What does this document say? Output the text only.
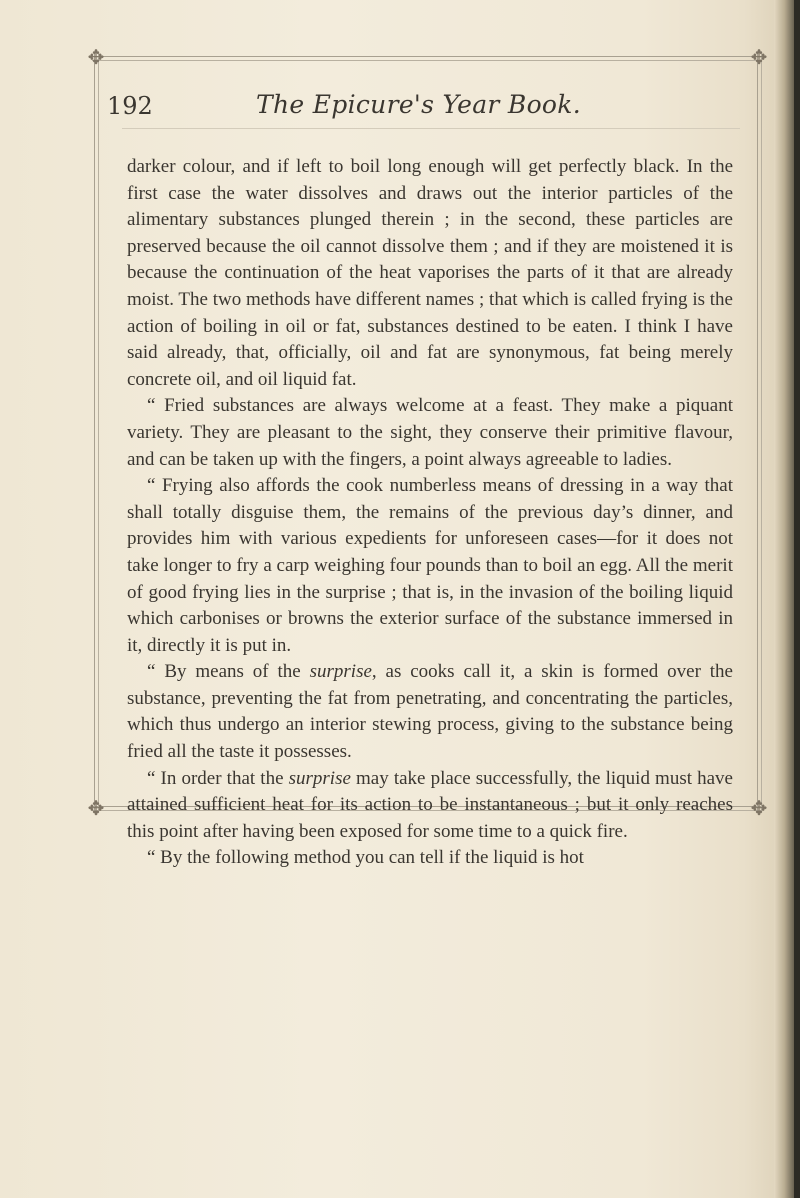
✥	✥
✥	✥
192	The Epicure's Year Book.

darker colour, and if left to boil long enough will get perfectly black. In the first case the water dissolves and draws out the interior particles of the alimentary substances plunged therein ; in the second, these particles are preserved because the oil cannot dissolve them ; and if they are moistened it is because the continuation of the heat vaporises the parts of it that are already moist. The two methods have different names ; that which is called frying is the action of boiling in oil or fat, substances destined to be eaten. I think I have said already, that, officially, oil and fat are synonymous, fat being merely concrete oil, and oil liquid fat.

“ Fried substances are always welcome at a feast. They make a piquant variety. They are pleasant to the sight, they conserve their primitive flavour, and can be taken up with the fingers, a point always agreeable to ladies.

“ Frying also affords the cook numberless means of dressing in a way that shall totally disguise them, the remains of the previous day’s dinner, and provides him with various expedients for unforeseen cases—for it does not take longer to fry a carp weighing four pounds than to boil an egg. All the merit of good frying lies in the surprise ; that is, in the invasion of the boiling liquid which carbonises or browns the exterior surface of the substance immersed in it, directly it is put in.

“ By means of the surprise, as cooks call it, a skin is formed over the substance, preventing the fat from penetrating, and concentrating the particles, which thus undergo an interior stewing process, giving to the substance being fried all the taste it possesses.

“ In order that the surprise may take place successfully, the liquid must have attained sufficient heat for its action to be instantaneous ; but it only reaches this point after having been exposed for some time to a quick fire.

“ By the following method you can tell if the liquid is hot
